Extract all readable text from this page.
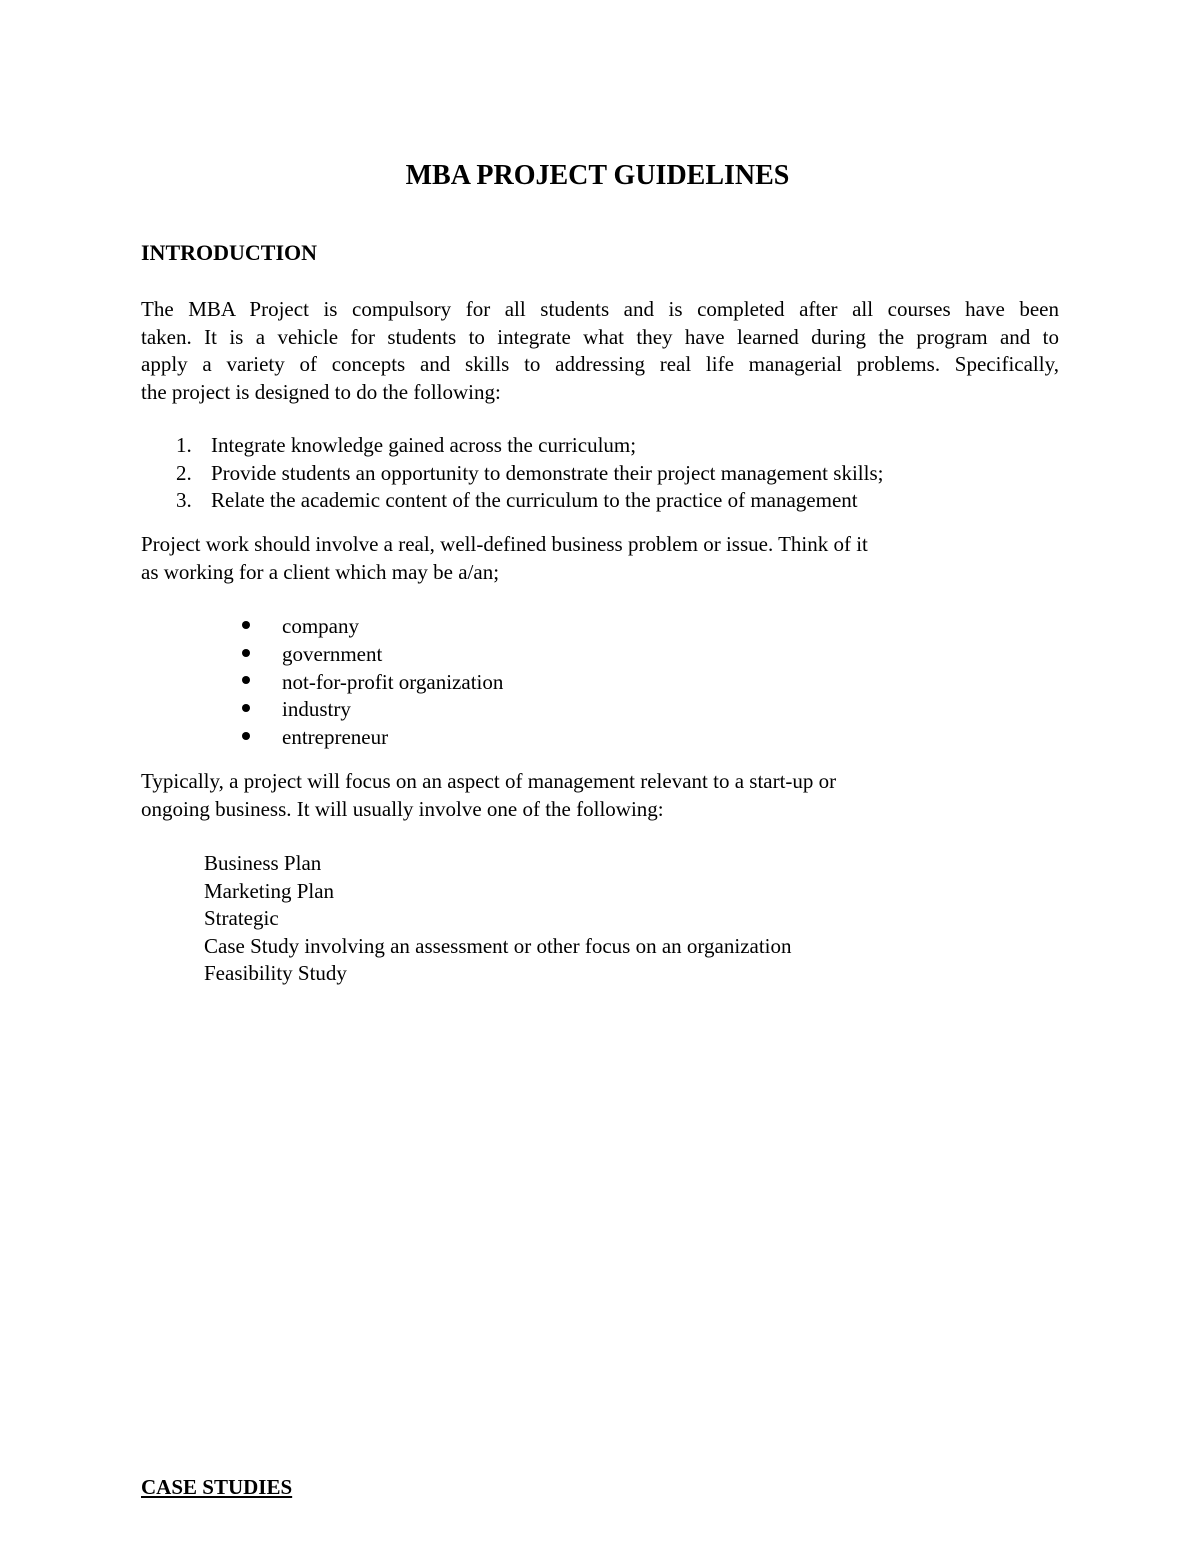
MBA PROJECT GUIDELINES
INTRODUCTION

The MBA Project is compulsory for all students and is completed after all courses have been
taken. It is a vehicle for students to integrate what they have learned during the program and to
apply a variety of concepts and skills to addressing real life managerial problems. Specifically,
the project is designed to do the following:

1. Integrate knowledge gained across the curriculum;
2. Provide students an opportunity to demonstrate their project management skills;
3. Relate the academic content of the curriculum to the practice of management

Project work should involve a real, well-defined business problem or issue. Think of it
as working for a client which may be a/an;

company
government
not-for-profit organization
industry
entrepreneur

Typically, a project will focus on an aspect of management relevant to a start-up or
ongoing business. It will usually involve one of the following:

Business Plan
Marketing Plan
Strategic
Case Study involving an assessment or other focus on an organization
Feasibility Study
CASE STUDIES
